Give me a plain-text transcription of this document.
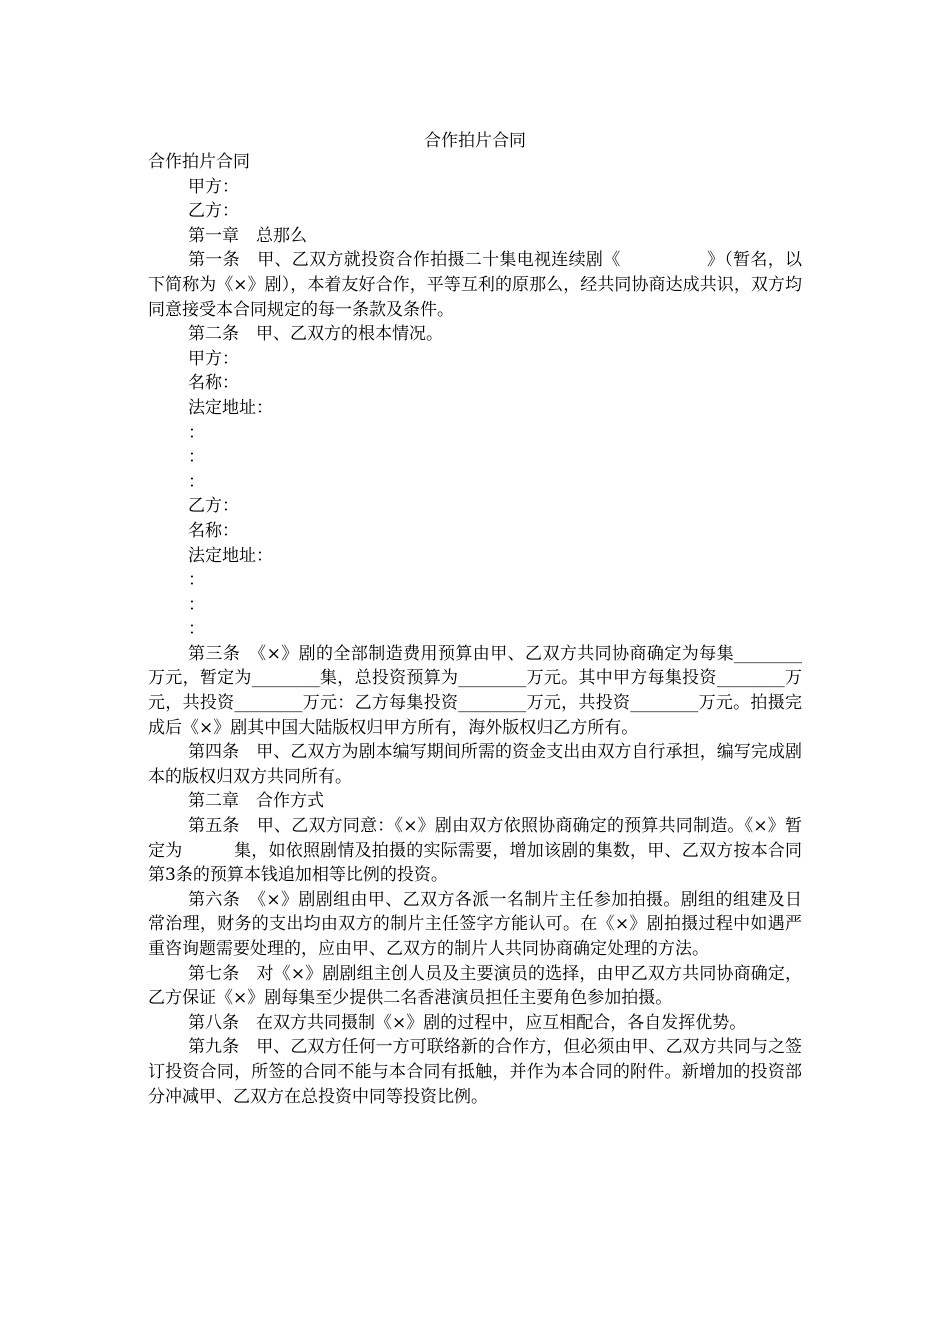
合作拍片合同

合作拍片合同

甲方：

乙方：

第一章　总那么

第一条　甲、乙双方就投资合作拍摄二十集电视连续剧《　　　　　》（暂名，以下简称为《×》剧），本着友好合作，平等互利的原那么，经共同协商达成共识，双方均同意接受本合同规定的每一条款及条件。

第二条　甲、乙双方的根本情况。

甲方：

名称：

法定地址：

：

：

：

乙方：

名称：

法定地址：

：

：

：

第三条　《×》剧的全部制造费用预算由甲、乙双方共同协商确定为每集________万元，暂定为________集，总投资预算为________万元。其中甲方每集投资________万元，共投资________万元：乙方每集投资________万元，共投资________万元。拍摄完成后《×》剧其中国大陆版权归甲方所有，海外版权归乙方所有。

第四条　甲、乙双方为剧本编写期间所需的资金支出由双方自行承担，编写完成剧本的版权归双方共同所有。

第二章　合作方式

第五条　甲、乙双方同意：《×》剧由双方依照协商确定的预算共同制造。《×》暂定为　　　集，如依照剧情及拍摄的实际需要，增加该剧的集数，甲、乙双方按本合同第3条的预算本钱追加相等比例的投资。

第六条　《×》剧剧组由甲、乙双方各派一名制片主任参加拍摄。剧组的组建及日常治理，财务的支出均由双方的制片主任签字方能认可。在《×》剧拍摄过程中如遇严重咨询题需要处理的，应由甲、乙双方的制片人共同协商确定处理的方法。

第七条　对《×》剧剧组主创人员及主要演员的选择，由甲乙双方共同协商确定，乙方保证《×》剧每集至少提供二名香港演员担任主要角色参加拍摄。

第八条　在双方共同摄制《×》剧的过程中，应互相配合，各自发挥优势。

第九条　甲、乙双方任何一方可联络新的合作方，但必须由甲、乙双方共同与之签订投资合同，所签的合同不能与本合同有抵触，并作为本合同的附件。新增加的投资部分冲减甲、乙双方在总投资中同等投资比例。
